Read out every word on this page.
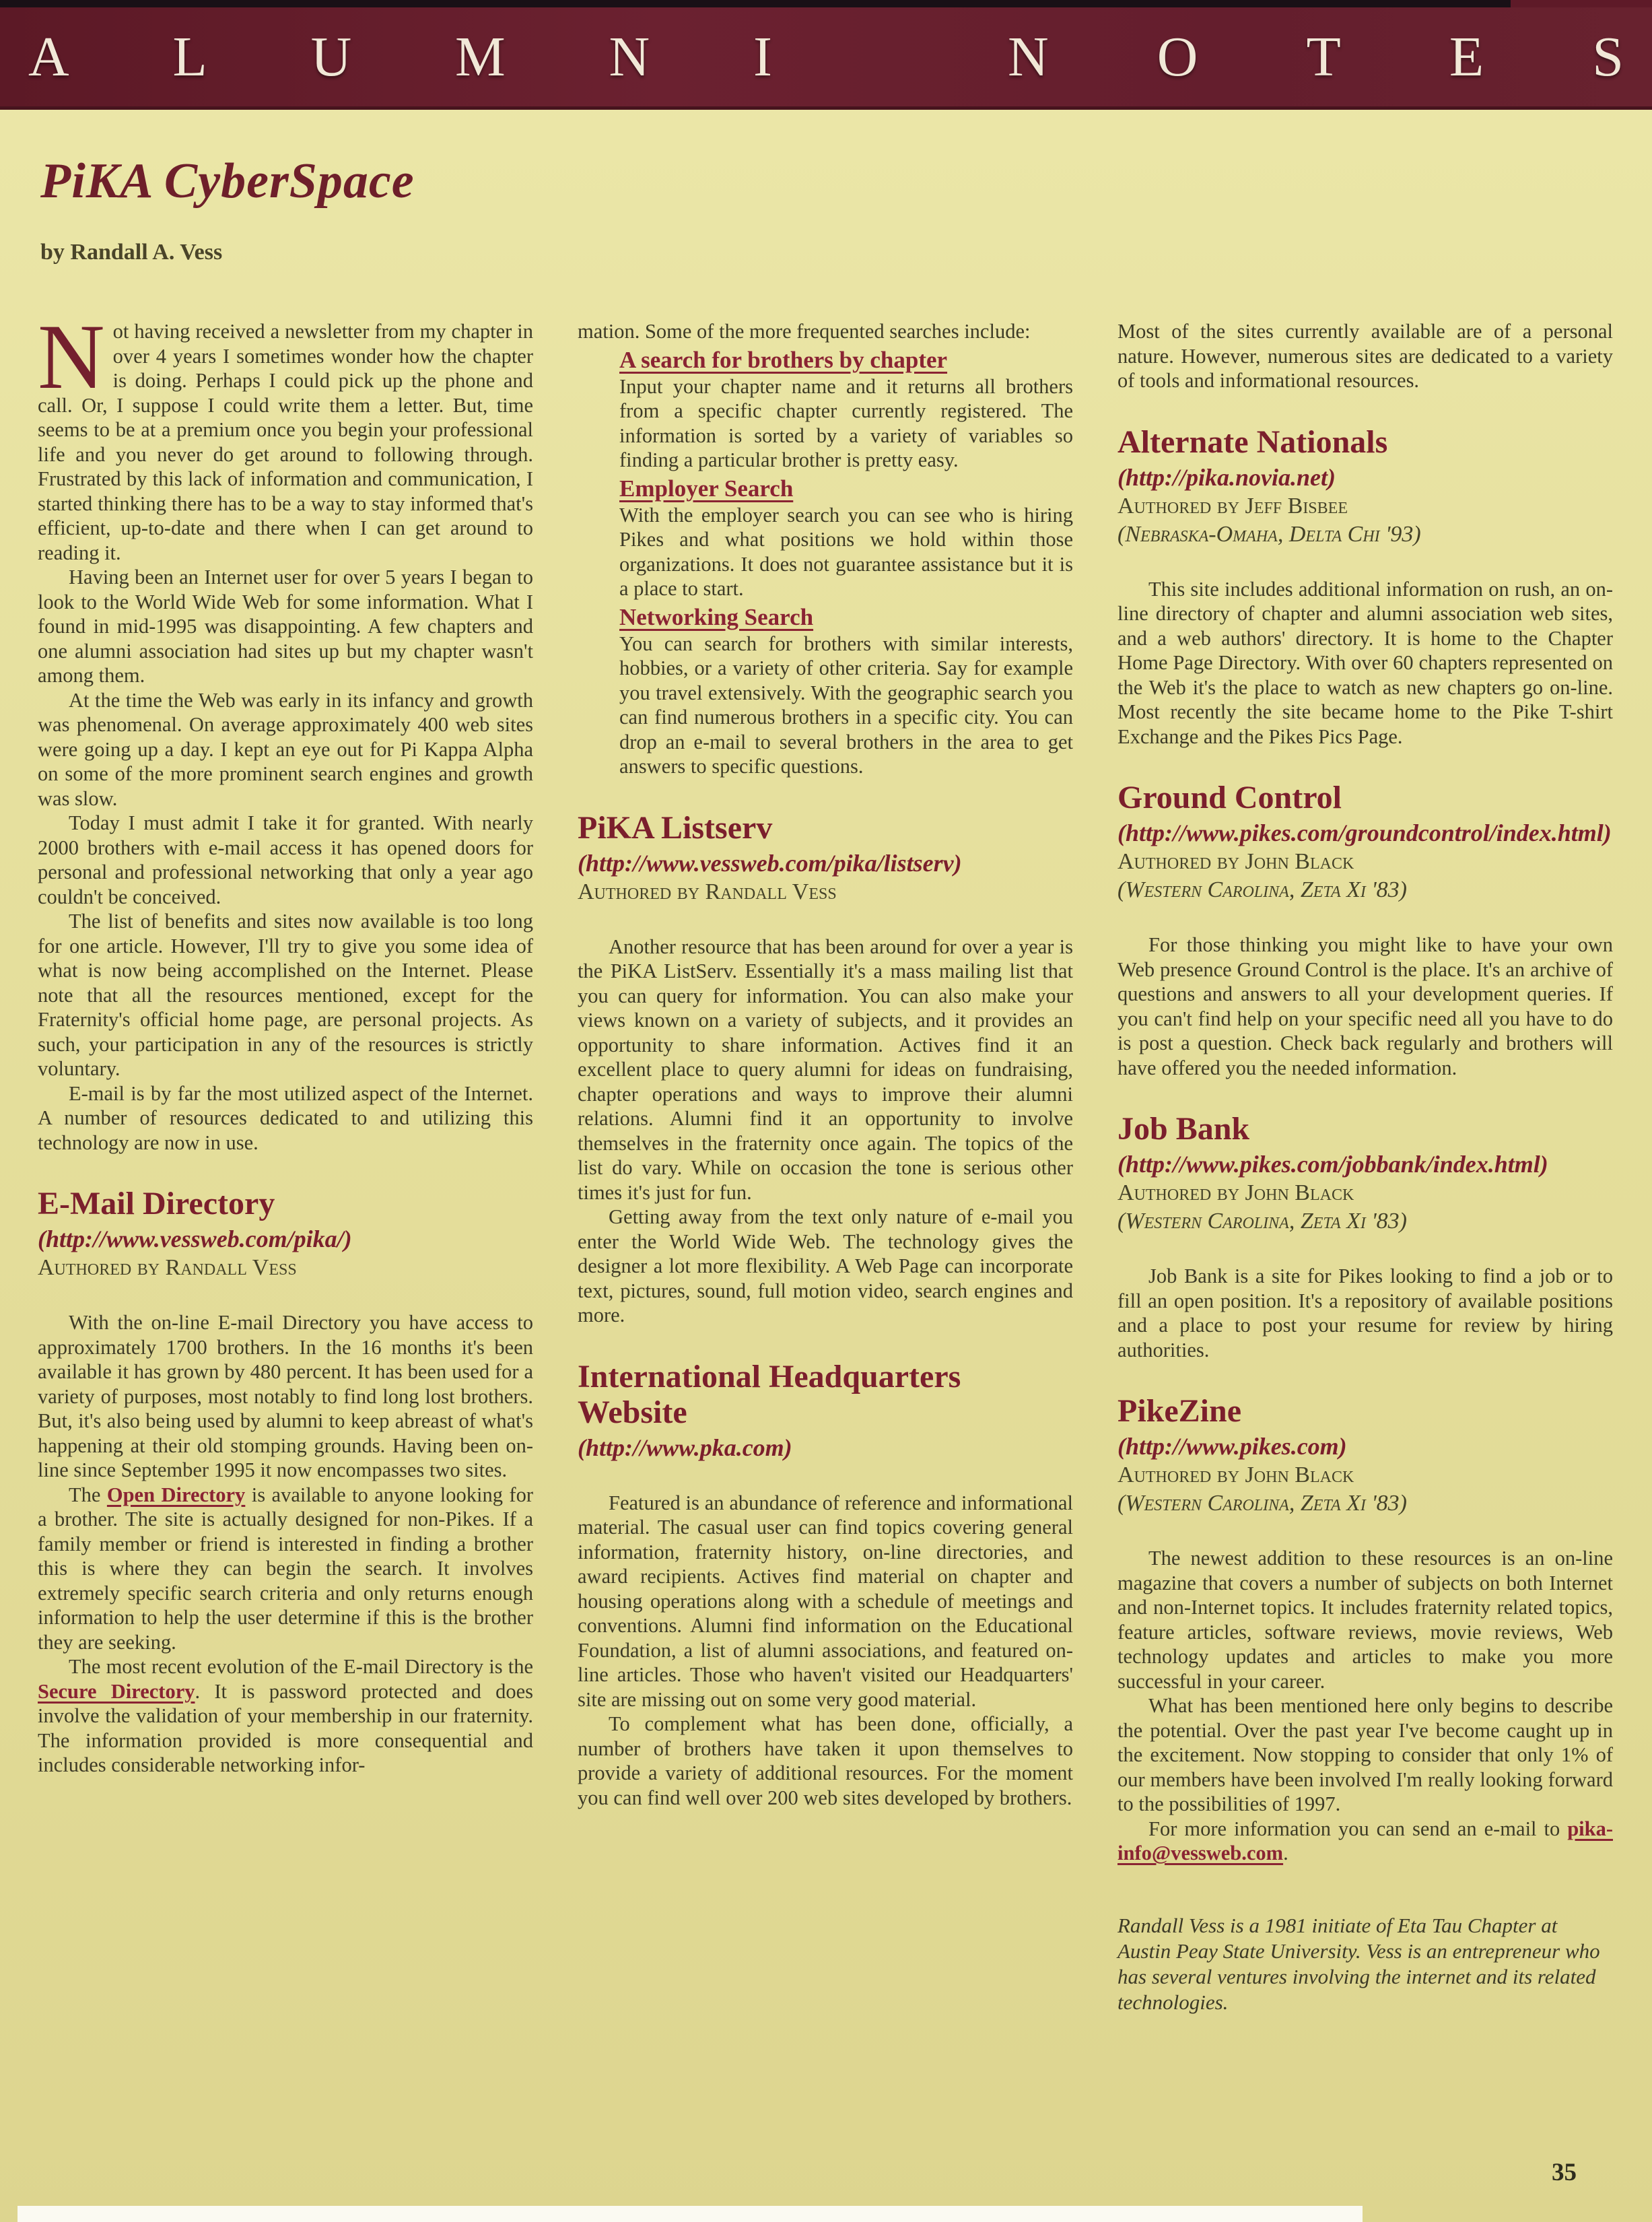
A L U M N I	N O T E S
PiKA CyberSpace
by Randall A. Vess

Not having received a newsletter from my chapter in over 4 years I sometimes wonder how the chapter is doing. Perhaps I could pick up the phone and call. Or, I suppose I could write them a letter. But, time seems to be at a premium once you begin your professional life and you never do get around to following through. Frustrated by this lack of information and communication, I started thinking there has to be a way to stay informed that's efficient, up-to-date and there when I can get around to reading it.

Having been an Internet user for over 5 years I began to look to the World Wide Web for some information. What I found in mid-1995 was disappointing. A few chapters and one alumni association had sites up but my chapter wasn't among them.

At the time the Web was early in its infancy and growth was phenomenal. On average approximately 400 web sites were going up a day. I kept an eye out for Pi Kappa Alpha on some of the more prominent search engines and growth was slow.

Today I must admit I take it for granted. With nearly 2000 brothers with e-mail access it has opened doors for personal and professional networking that only a year ago couldn't be conceived.

The list of benefits and sites now available is too long for one article. However, I'll try to give you some idea of what is now being accomplished on the Internet. Please note that all the resources mentioned, except for the Fraternity's official home page, are personal projects. As such, your participation in any of the resources is strictly voluntary.

E-mail is by far the most utilized aspect of the Internet. A number of resources dedicated to and utilizing this technology are now in use.

E-Mail Directory
(http://www.vessweb.com/pika/)
Authored by Randall Vess

With the on-line E-mail Directory you have access to approximately 1700 brothers. In the 16 months it's been available it has grown by 480 percent. It has been used for a variety of purposes, most notably to find long lost brothers. But, it's also being used by alumni to keep abreast of what's happening at their old stomping grounds. Having been on-line since September 1995 it now encompasses two sites.

The Open Directory is available to anyone looking for a brother. The site is actually designed for non-Pikes. If a family member or friend is interested in finding a brother this is where they can begin the search. It involves extremely specific search criteria and only returns enough information to help the user determine if this is the brother they are seeking.

The most recent evolution of the E-mail Directory is the Secure Directory. It is password protected and does involve the validation of your membership in our fraternity. The information provided is more consequential and includes considerable networking infor-

mation. Some of the more frequented searches include:

A search for brothers by chapter

Input your chapter name and it returns all brothers from a specific chapter currently registered. The information is sorted by a variety of variables so finding a particular brother is pretty easy.

Employer Search

With the employer search you can see who is hiring Pikes and what positions we hold within those organizations. It does not guarantee assistance but it is a place to start.

Networking Search

You can search for brothers with similar interests, hobbies, or a variety of other criteria. Say for example you travel extensively. With the geographic search you can find numerous brothers in a specific city. You can drop an e-mail to several brothers in the area to get answers to specific questions.

PiKA Listserv
(http://www.vessweb.com/pika/listserv)
Authored by Randall Vess

Another resource that has been around for over a year is the PiKA ListServ. Essentially it's a mass mailing list that you can query for information. You can also make your views known on a variety of subjects, and it provides an opportunity to share information. Actives find it an excellent place to query alumni for ideas on fundraising, chapter operations and ways to improve their alumni relations. Alumni find it an opportunity to involve themselves in the fraternity once again. The topics of the list do vary. While on occasion the tone is serious other times it's just for fun.

Getting away from the text only nature of e-mail you enter the World Wide Web. The technology gives the designer a lot more flexibility. A Web Page can incorporate text, pictures, sound, full motion video, search engines and more.

International Headquarters Website
(http://www.pka.com)

Featured is an abundance of reference and informational material. The casual user can find topics covering general information, fraternity history, on-line directories, and award recipients. Actives find material on chapter and housing operations along with a schedule of meetings and conventions. Alumni find information on the Educational Foundation, a list of alumni associations, and featured on-line articles. Those who haven't visited our Headquarters' site are missing out on some very good material.

To complement what has been done, officially, a number of brothers have taken it upon themselves to provide a variety of additional resources. For the moment you can find well over 200 web sites developed by brothers.

Most of the sites currently available are of a personal nature. However, numerous sites are dedicated to a variety of tools and informational resources.

Alternate Nationals
(http://pika.novia.net)
Authored by Jeff Bisbee
(Nebraska-Omaha, Delta Chi '93)

This site includes additional information on rush, an on-line directory of chapter and alumni association web sites, and a web authors' directory. It is home to the Chapter Home Page Directory. With over 60 chapters represented on the Web it's the place to watch as new chapters go on-line. Most recently the site became home to the Pike T-shirt Exchange and the Pikes Pics Page.

Ground Control
(http://www.pikes.com/groundcontrol/index.html)
Authored by John Black
(Western Carolina, Zeta Xi '83)

For those thinking you might like to have your own Web presence Ground Control is the place. It's an archive of questions and answers to all your development queries. If you can't find help on your specific need all you have to do is post a question. Check back regularly and brothers will have offered you the needed information.

Job Bank
(http://www.pikes.com/jobbank/index.html)
Authored by John Black
(Western Carolina, Zeta Xi '83)

Job Bank is a site for Pikes looking to find a job or to fill an open position. It's a repository of available positions and a place to post your resume for review by hiring authorities.

PikeZine
(http://www.pikes.com)
Authored by John Black
(Western Carolina, Zeta Xi '83)

The newest addition to these resources is an on-line magazine that covers a number of subjects on both Internet and non-Internet topics. It includes fraternity related topics, feature articles, software reviews, movie reviews, Web technology updates and articles to make you more successful in your career.

What has been mentioned here only begins to describe the potential. Over the past year I've become caught up in the excitement. Now stopping to consider that only 1% of our members have been involved I'm really looking forward to the possibilities of 1997.

For more information you can send an e-mail to pika-info@vessweb.com.

Randall Vess is a 1981 initiate of Eta Tau Chapter at Austin Peay State University. Vess is an entrepreneur who has several ventures involving the internet and its related technologies.

35
